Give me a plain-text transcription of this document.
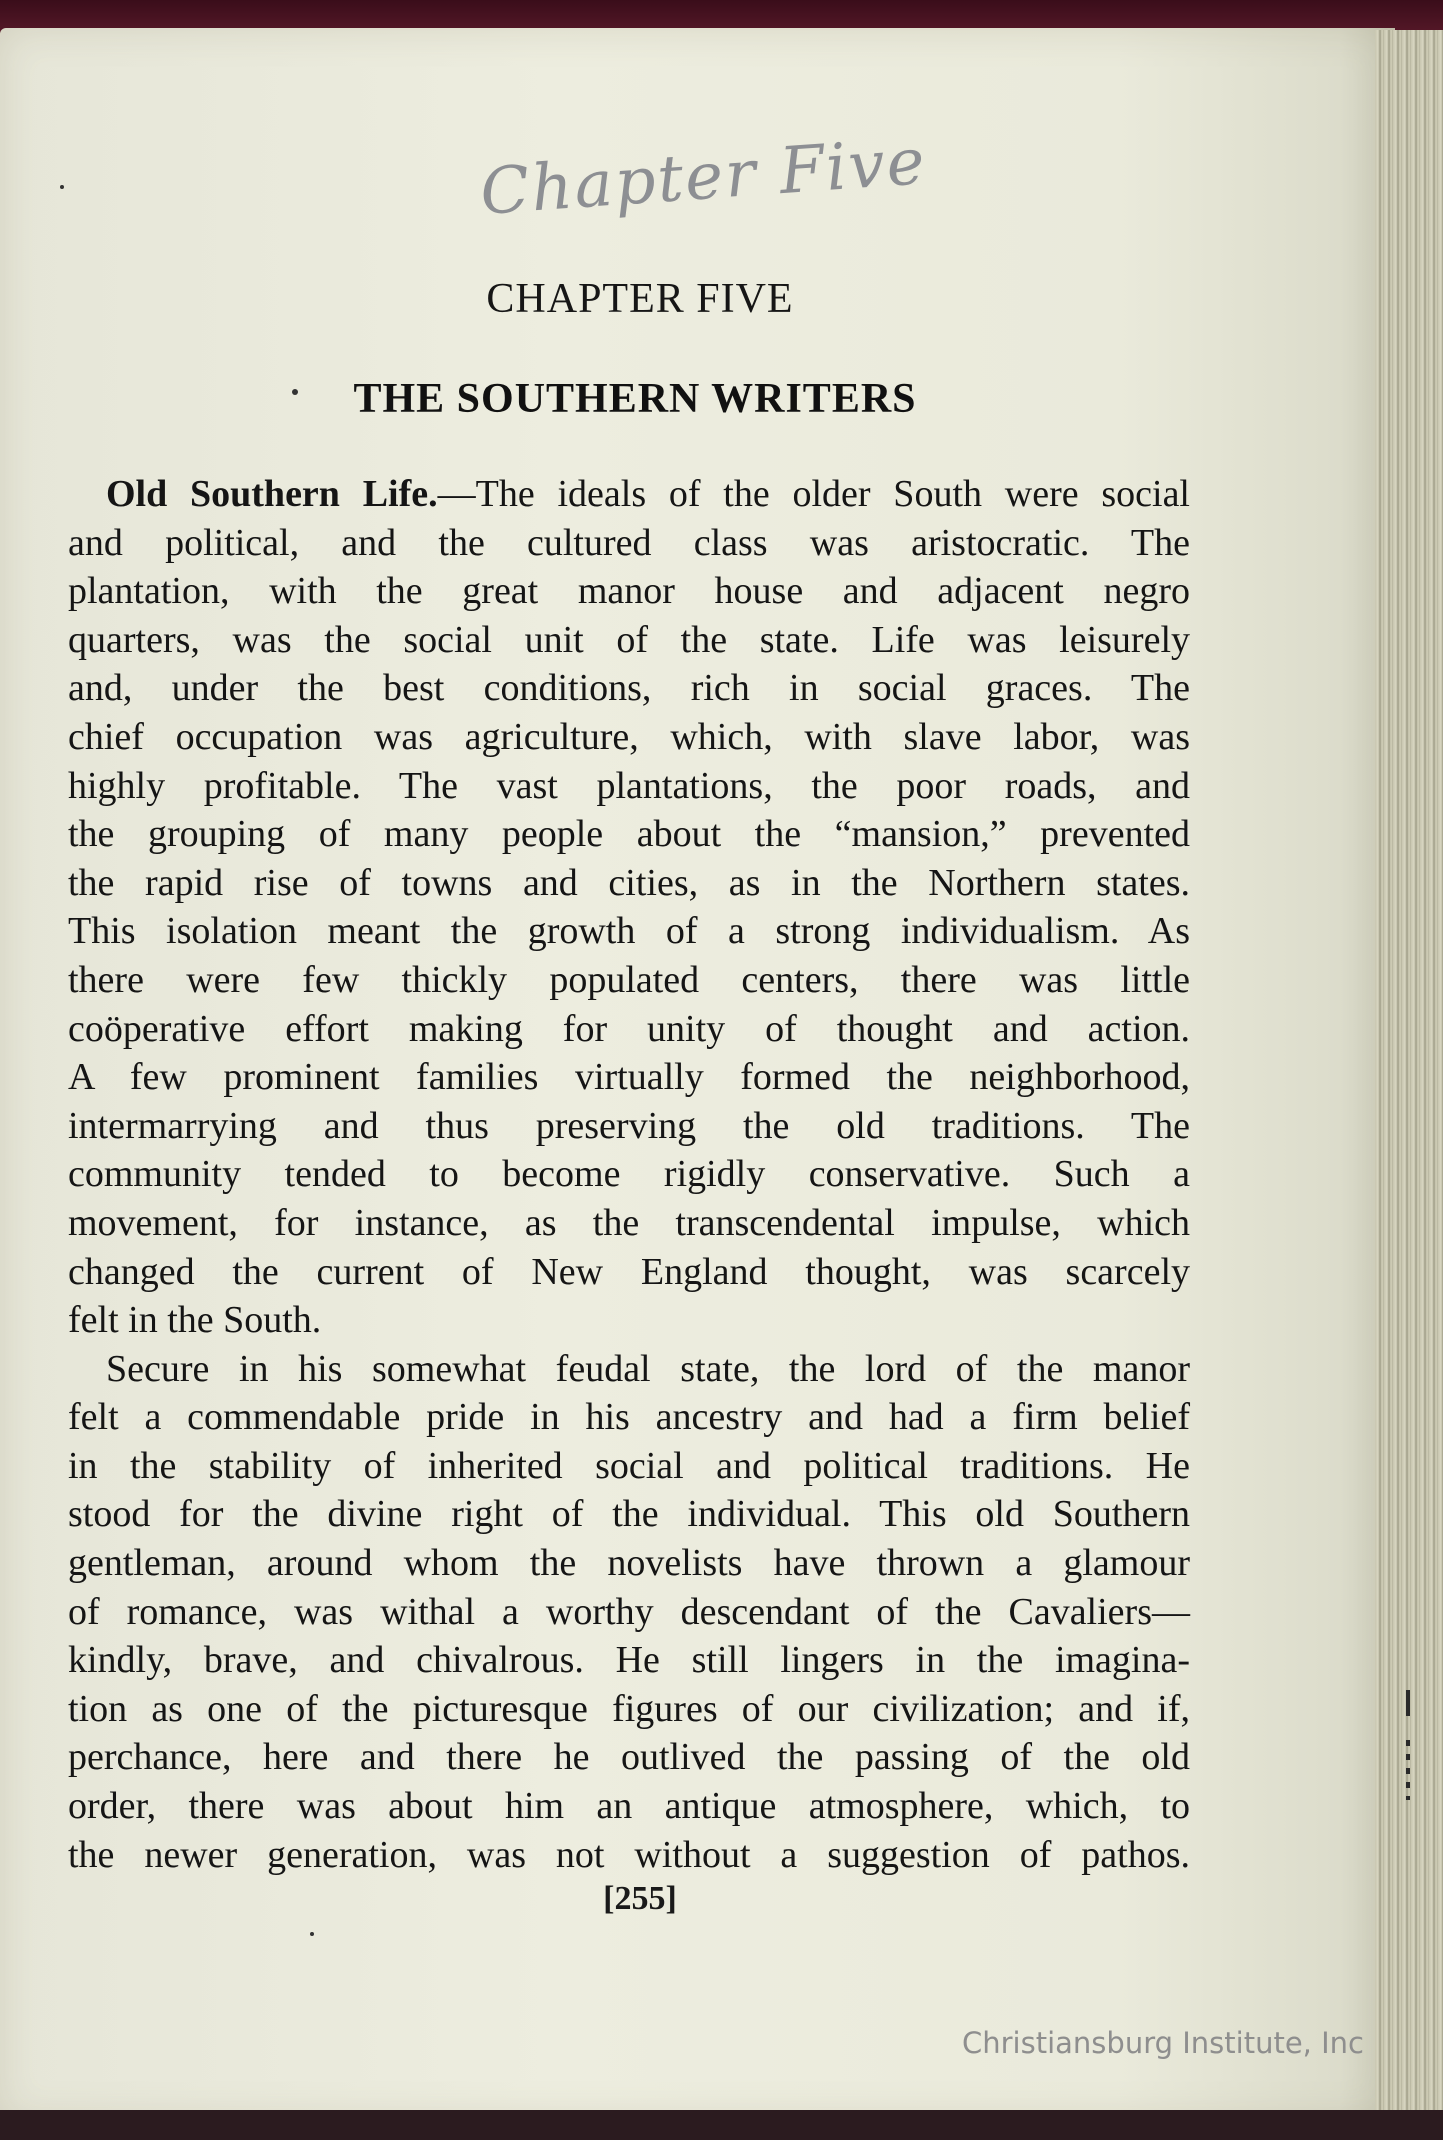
Chapter Five
CHAPTER FIVE
THE SOUTHERN WRITERS
Old Southern Life.—The ideals of the older South were social
and political, and the cultured class was aristocratic. The
plantation, with the great manor house and adjacent negro
quarters, was the social unit of the state. Life was leisurely
and, under the best conditions, rich in social graces. The
chief occupation was agriculture, which, with slave labor, was
highly profitable. The vast plantations, the poor roads, and
the grouping of many people about the “mansion,” prevented
the rapid rise of towns and cities, as in the Northern states.
This isolation meant the growth of a strong individualism. As
there were few thickly populated centers, there was little
coöperative effort making for unity of thought and action.
A few prominent families virtually formed the neighborhood,
intermarrying and thus preserving the old traditions. The
community tended to become rigidly conservative. Such a
movement, for instance, as the transcendental impulse, which
changed the current of New England thought, was scarcely
felt in the South.
Secure in his somewhat feudal state, the lord of the manor
felt a commendable pride in his ancestry and had a firm belief
in the stability of inherited social and political traditions. He
stood for the divine right of the individual. This old Southern
gentleman, around whom the novelists have thrown a glamour
of romance, was withal a worthy descendant of the Cavaliers—
kindly, brave, and chivalrous. He still lingers in the imagina-
tion as one of the picturesque figures of our civilization; and if,
perchance, here and there he outlived the passing of the old
order, there was about him an antique atmosphere, which, to
the newer generation, was not without a suggestion of pathos.
[255]
Christiansburg Institute, Inc
